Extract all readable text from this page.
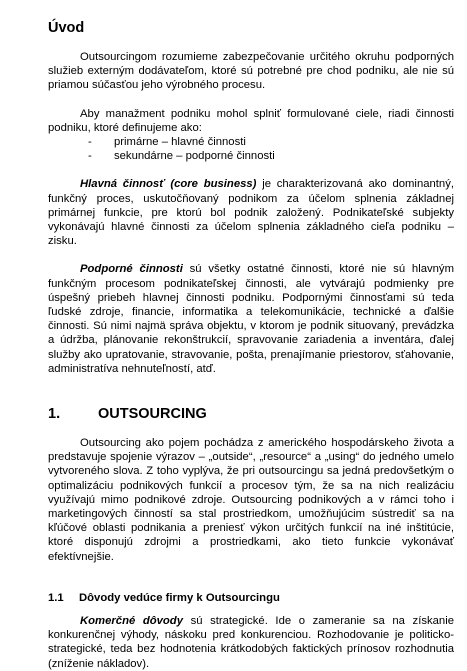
Úvod

Outsourcingom rozumieme zabezpečovanie určitého okruhu podporných služieb externým dodávateľom, ktoré sú potrebné pre chod podniku, ale nie sú priamou súčasťou jeho výrobného procesu.

Aby manažment podniku mohol splniť formulované ciele, riadi činnosti podniku, ktoré definujeme ako:

- primárne – hlavné činnosti
- sekundárne – podporné činnosti

Hlavná činnosť (core business) je charakterizovaná ako dominantný, funkčný proces, uskutočňovaný podnikom za účelom splnenia základnej primárnej funkcie, pre ktorú bol podnik založený. Podnikateľské subjekty vykonávajú hlavné činnosti za účelom splnenia základného cieľa podniku – zisku.

Podporné činnosti sú všetky ostatné činnosti, ktoré nie sú hlavným funkčným procesom podnikateľskej činnosti, ale vytvárajú podmienky pre úspešný priebeh hlavnej činnosti podniku. Podpornými činnosťami sú teda ľudské zdroje, financie, informatika a telekomunikácie, technické a ďalšie činnosti. Sú nimi najmä správa objektu, v ktorom je podnik situovaný, prevádzka a údržba, plánovanie rekonštrukcií, spravovanie zariadenia a inventára, ďalej služby ako upratovanie, stravovanie, pošta, prenajímanie priestorov, sťahovanie, administratíva nehnuteľností, atď.

1.	OUTSOURCING

Outsourcing ako pojem pochádza z amerického hospodárskeho života a predstavuje spojenie výrazov – „outside“, „resource“ a „using“ do jedného umelo vytvoreného slova. Z toho vyplýva, že pri outsourcingu sa jedná predovšetkým o optimalizáciu podnikových funkcií a procesov tým, že sa na nich realizáciu využívajú mimo podnikové zdroje. Outsourcing podnikových a v rámci toho i marketingových činností sa stal prostriedkom, umožňujúcim sústrediť sa na kľúčové oblasti podnikania a preniesť výkon určitých funkcií na iné inštitúcie, ktoré disponujú zdrojmi a prostriedkami, ako tieto funkcie vykonávať efektívnejšie.

1.1 Dôvody vedúce firmy k Outsourcingu

Komerčné dôvody sú strategické. Ide o zameranie sa na získanie konkurenčnej výhody, náskoku pred konkurenciou. Rozhodovanie je politicko-strategické, teda bez hodnotenia krátkodobých faktických prínosov rozhodnutia (zníženie nákladov).
